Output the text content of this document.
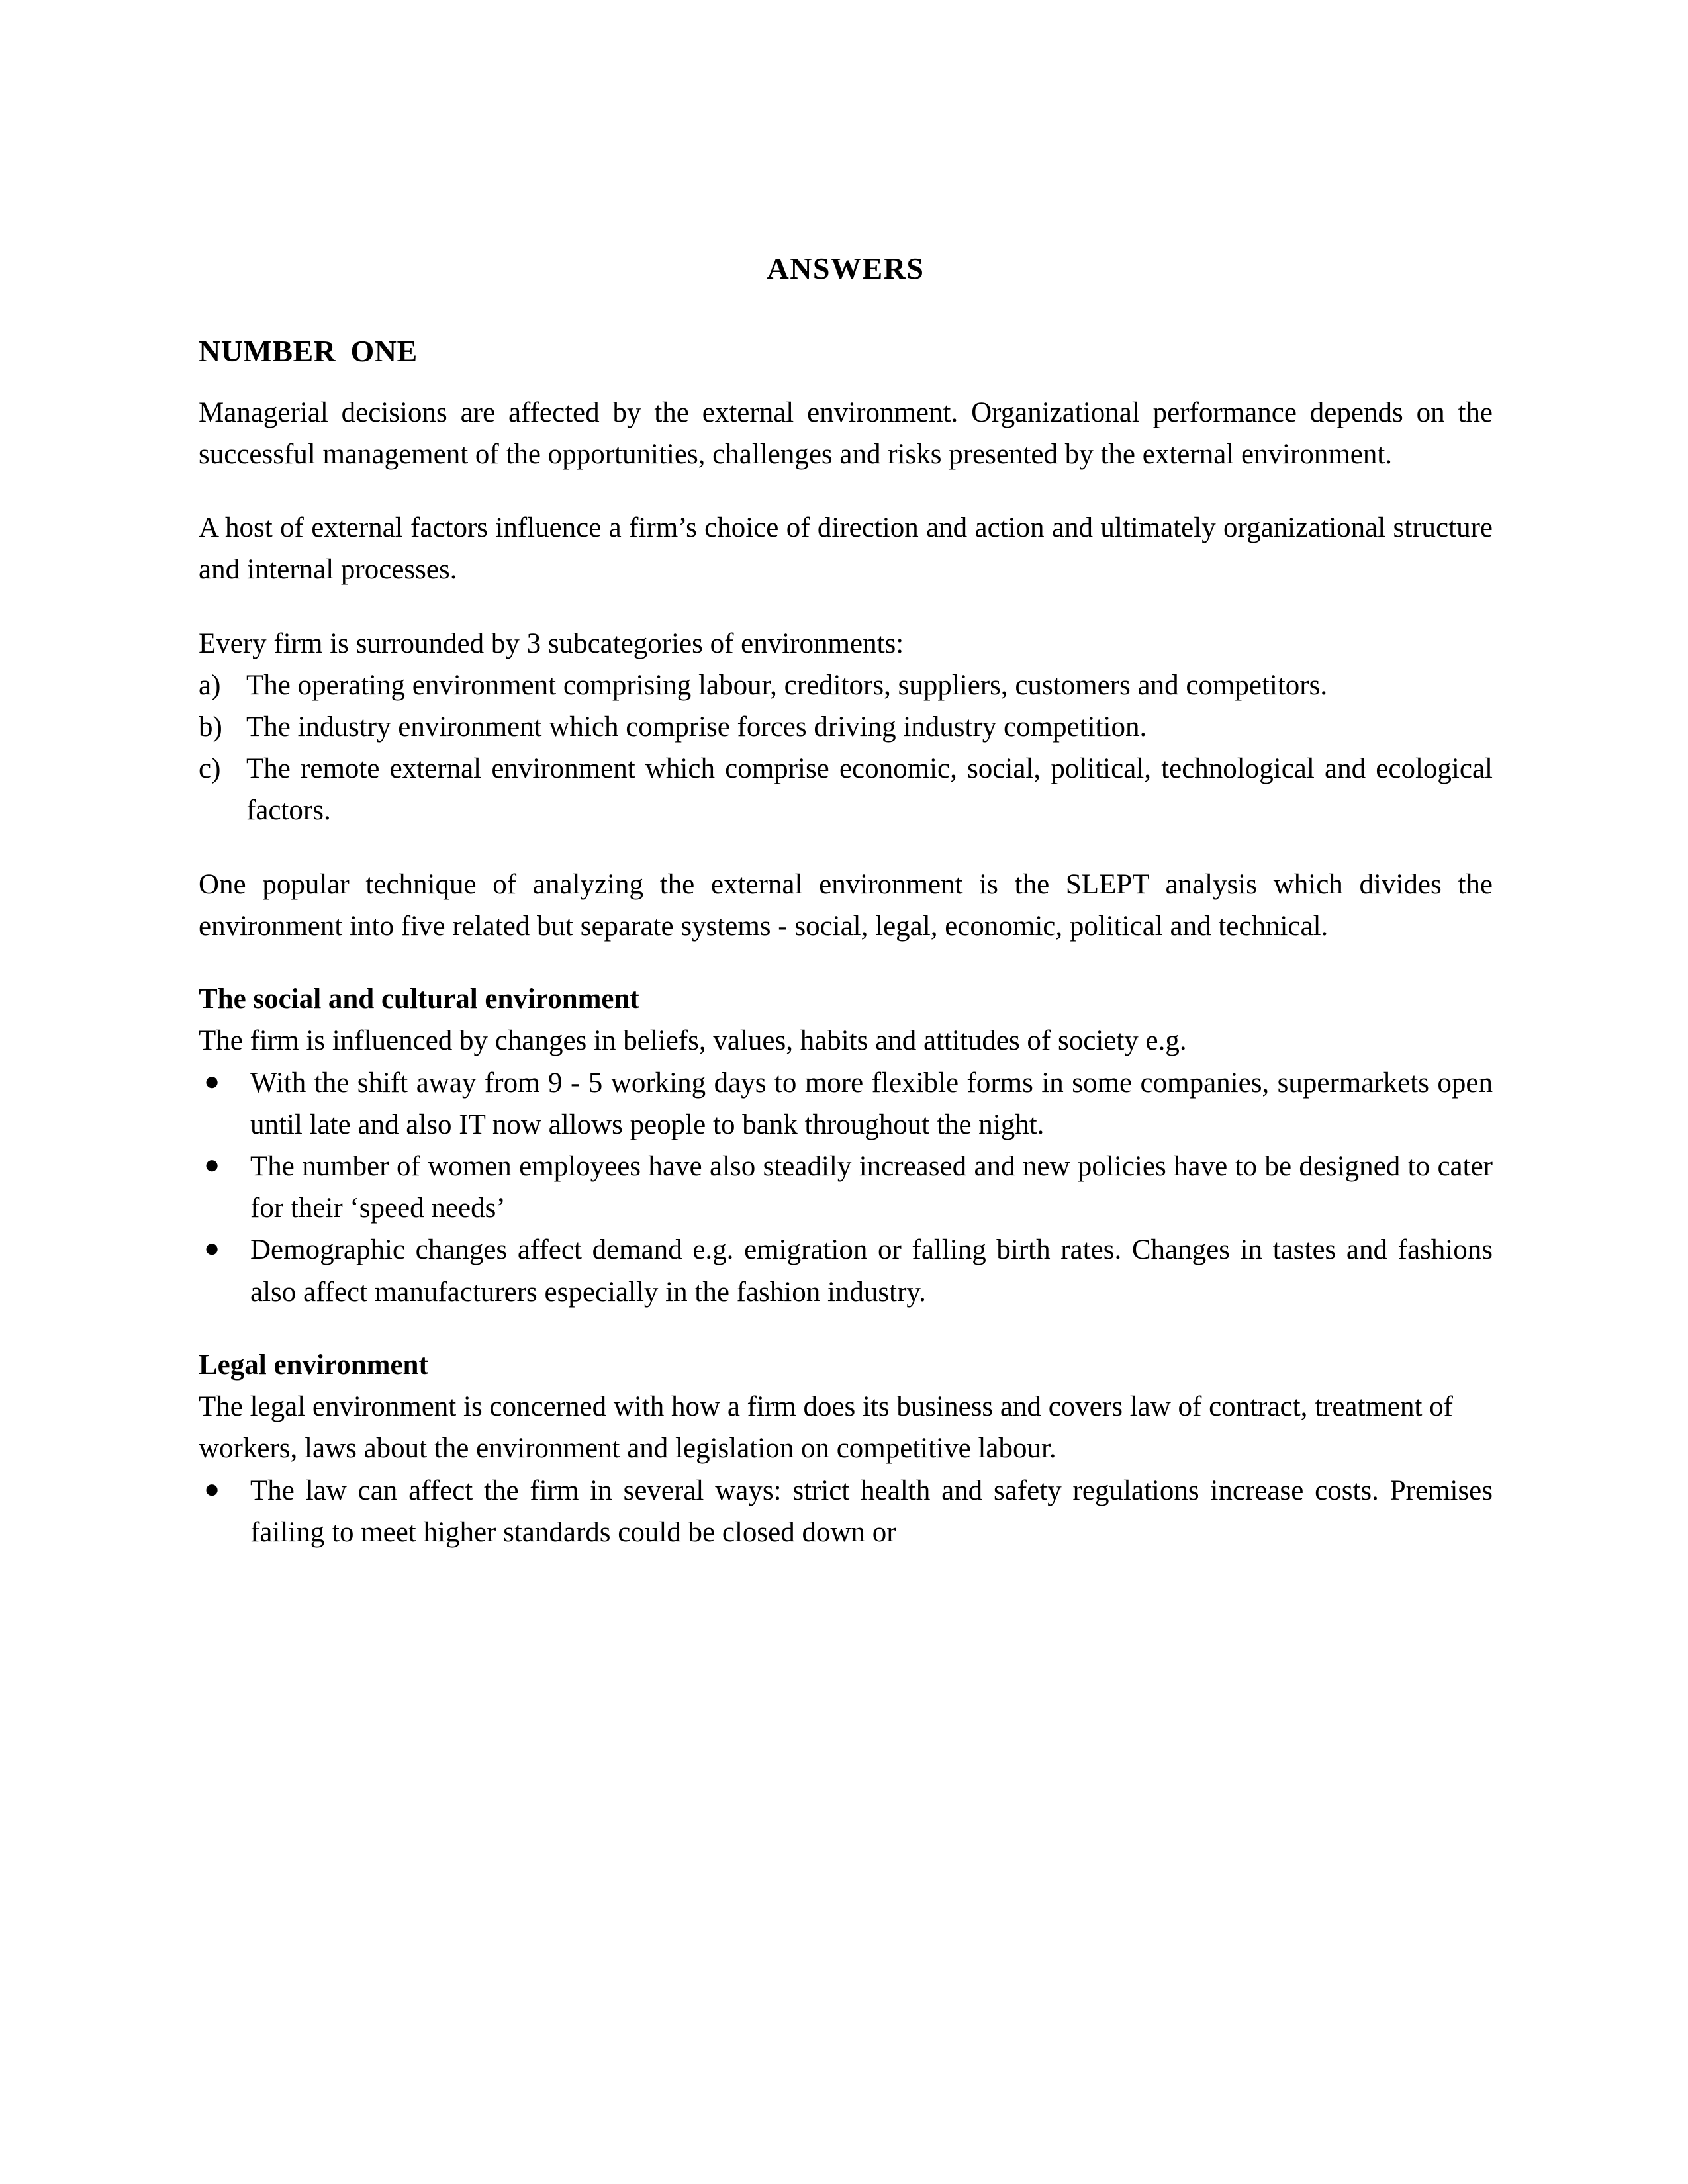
ANSWERS
NUMBER ONE

Managerial decisions are affected by the external environment. Organizational performance depends on the successful management of the opportunities, challenges and risks presented by the external environment.

A host of external factors influence a firm’s choice of direction and action and ultimately organizational structure and internal processes.

Every firm is surrounded by 3 subcategories of environments:

a) The operating environment comprising labour, creditors, suppliers, customers and competitors.
b) The industry environment which comprise forces driving industry competition.
c) The remote external environment which comprise economic, social, political, technological and ecological factors.

One popular technique of analyzing the external environment is the SLEPT analysis which divides the environment into five related but separate systems - social, legal, economic, political and technical.

The social and cultural environment

The firm is influenced by changes in beliefs, values, habits and attitudes of society e.g.

● With the shift away from 9 - 5 working days to more flexible forms in some companies, supermarkets open until late and also IT now allows people to bank throughout the night.
● The number of women employees have also steadily increased and new policies have to be designed to cater for their ‘speed needs’
● Demographic changes affect demand e.g. emigration or falling birth rates. Changes in tastes and fashions also affect manufacturers especially in the fashion industry.
Legal environment

The legal environment is concerned with how a firm does its business and covers law of contract, treatment of workers, laws about the environment and legislation on competitive labour.

● The law can affect the firm in several ways: strict health and safety regulations increase costs. Premises failing to meet higher standards could be closed down or
